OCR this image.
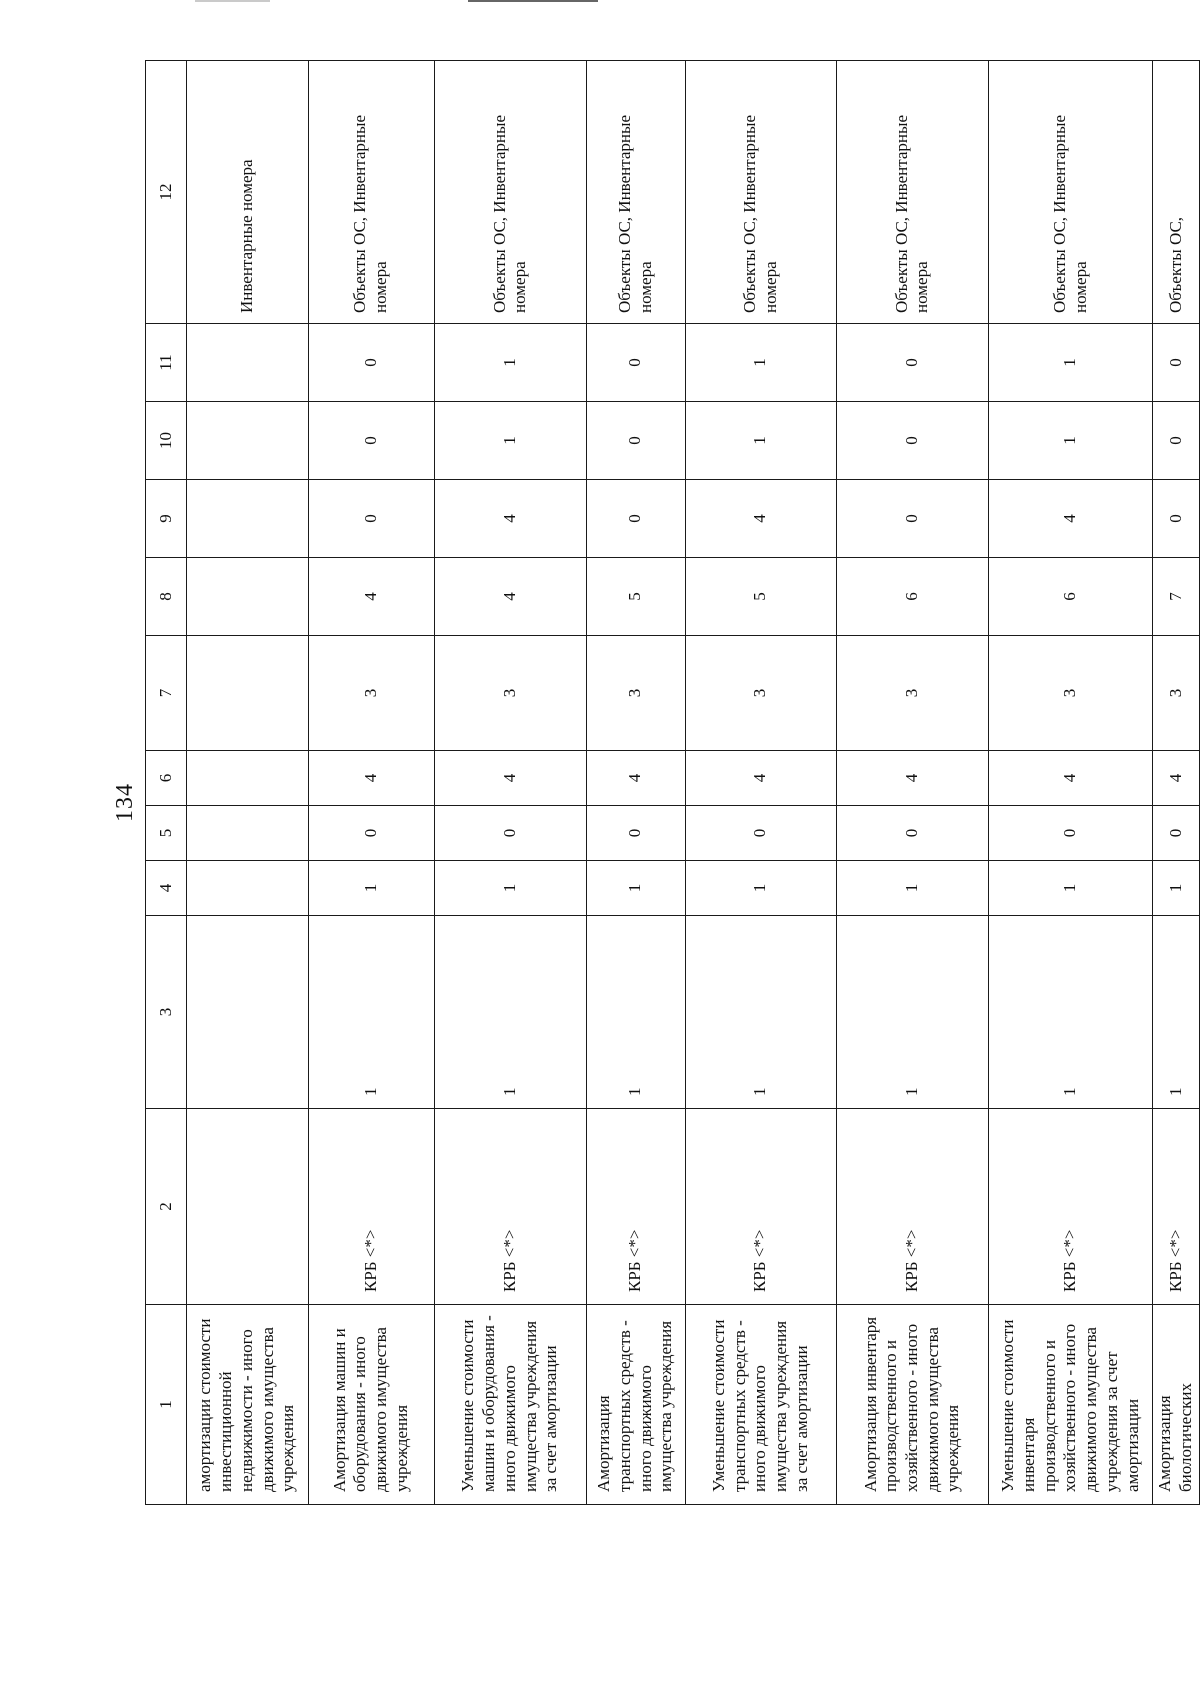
134
1	2	3	4	5	6	7	8	9	10	11	12
амортизации стоимости инвестиционной недвижимости - иного движимого имущества учреждения											Инвентарные номера
Амортизация машин и оборудования - иного движимого имущества учреждения	КРБ <*>	1	1	0	4	3	4	0	0	0	Объекты ОС, Инвентарные номера
Уменьшение стоимости машин и оборудования - иного движимого имущества учреждения за счет амортизации	КРБ <*>	1	1	0	4	3	4	4	1	1	Объекты ОС, Инвентарные номера
Амортизация транспортных средств - иного движимого имущества учреждения	КРБ <*>	1	1	0	4	3	5	0	0	0	Объекты ОС, Инвентарные номера
Уменьшение стоимости транспортных средств - иного движимого имущества учреждения за счет амортизации	КРБ <*>	1	1	0	4	3	5	4	1	1	Объекты ОС, Инвентарные номера
Амортизация инвентаря производственного и хозяйственного - иного движимого имущества учреждения	КРБ <*>	1	1	0	4	3	6	0	0	0	Объекты ОС, Инвентарные номера
Уменьшение стоимости инвентаря производственного и хозяйственного - иного движимого имущества учреждения за счет амортизации	КРБ <*>	1	1	0	4	3	6	4	1	1	Объекты ОС, Инвентарные номера
Амортизация биологических	КРБ <*>	1	1	0	4	3	7	0	0	0	Объекты ОС,
